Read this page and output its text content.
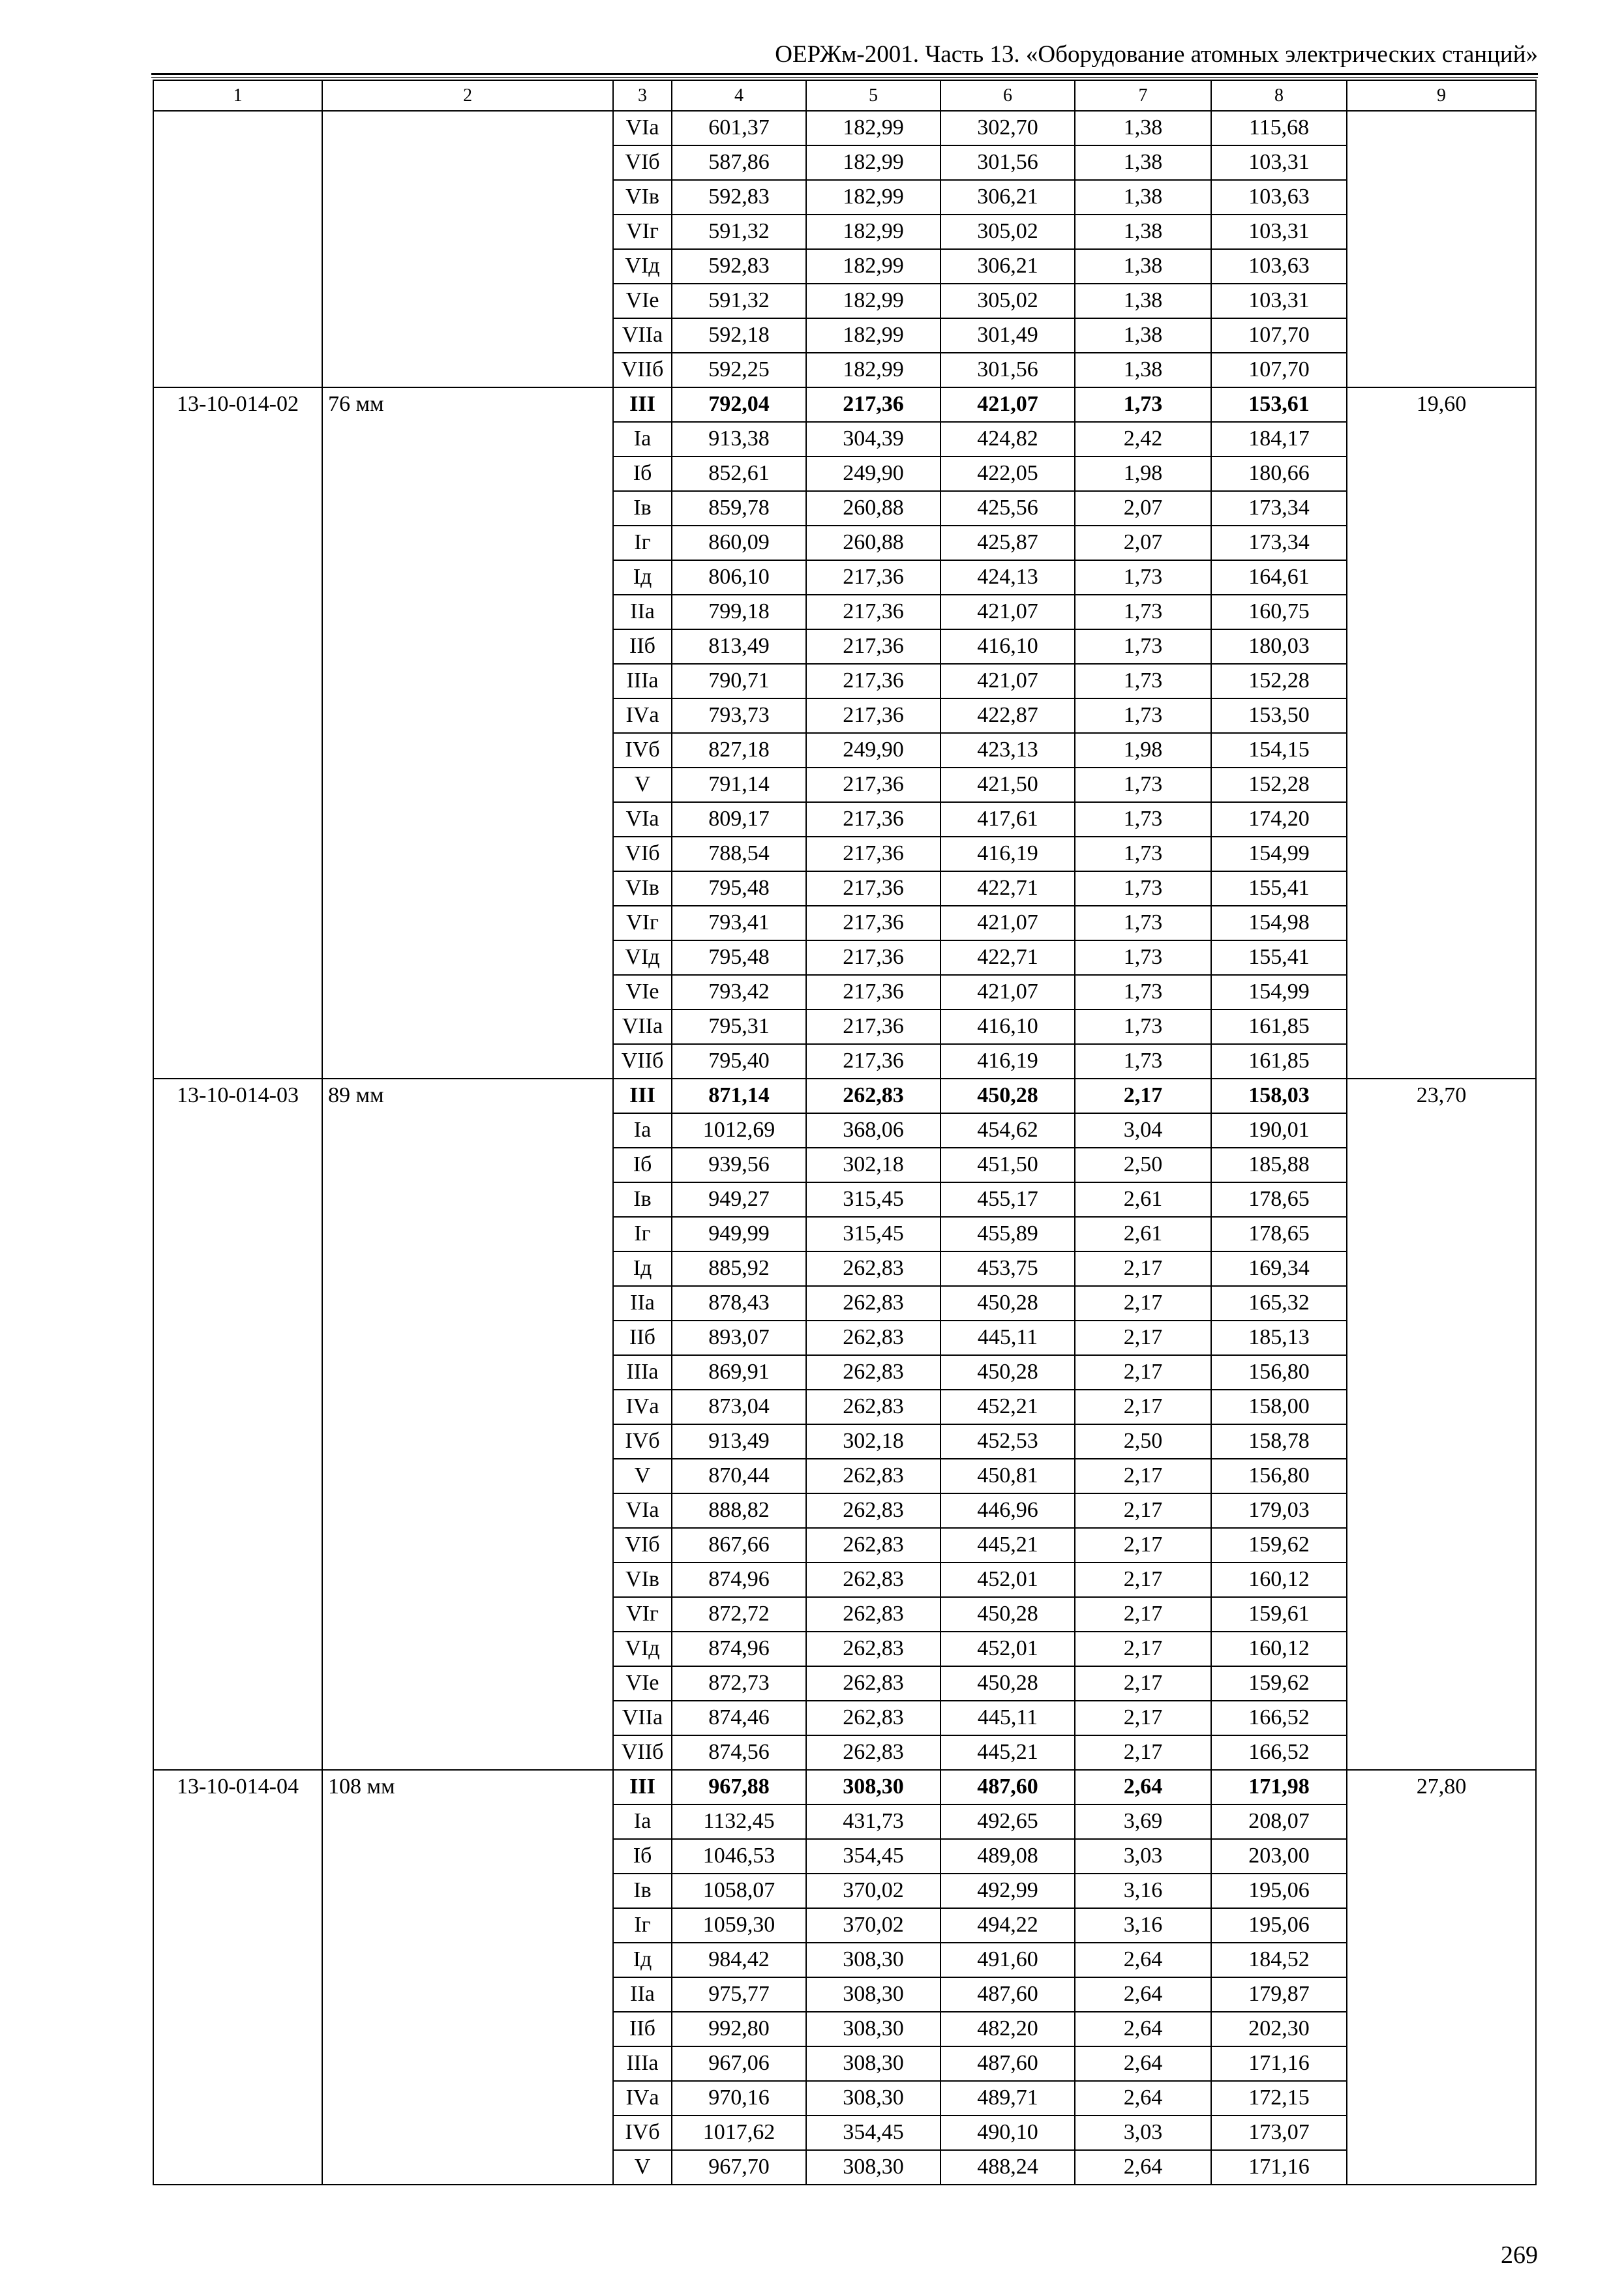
ОЕРЖм-2001. Часть 13. «Оборудование атомных электрических станций»
1	2	3	4	5	6	7	8	9
		VIа	601,37	182,99	302,70	1,38	115,68	
		VIб	587,86	182,99	301,56	1,38	103,31	
		VIв	592,83	182,99	306,21	1,38	103,63	
		VIг	591,32	182,99	305,02	1,38	103,31	
		VIд	592,83	182,99	306,21	1,38	103,63	
		VIе	591,32	182,99	305,02	1,38	103,31	
		VIIа	592,18	182,99	301,49	1,38	107,70	
		VIIб	592,25	182,99	301,56	1,38	107,70	
13-10-014-02	76 мм	III	792,04	217,36	421,07	1,73	153,61	19,60
		Iа	913,38	304,39	424,82	2,42	184,17	
		Iб	852,61	249,90	422,05	1,98	180,66	
		Iв	859,78	260,88	425,56	2,07	173,34	
		Iг	860,09	260,88	425,87	2,07	173,34	
		Iд	806,10	217,36	424,13	1,73	164,61	
		IIа	799,18	217,36	421,07	1,73	160,75	
		IIб	813,49	217,36	416,10	1,73	180,03	
		IIIа	790,71	217,36	421,07	1,73	152,28	
		IVа	793,73	217,36	422,87	1,73	153,50	
		IVб	827,18	249,90	423,13	1,98	154,15	
		V	791,14	217,36	421,50	1,73	152,28	
		VIа	809,17	217,36	417,61	1,73	174,20	
		VIб	788,54	217,36	416,19	1,73	154,99	
		VIв	795,48	217,36	422,71	1,73	155,41	
		VIг	793,41	217,36	421,07	1,73	154,98	
		VIд	795,48	217,36	422,71	1,73	155,41	
		VIе	793,42	217,36	421,07	1,73	154,99	
		VIIа	795,31	217,36	416,10	1,73	161,85	
		VIIб	795,40	217,36	416,19	1,73	161,85	
13-10-014-03	89 мм	III	871,14	262,83	450,28	2,17	158,03	23,70
		Iа	1012,69	368,06	454,62	3,04	190,01	
		Iб	939,56	302,18	451,50	2,50	185,88	
		Iв	949,27	315,45	455,17	2,61	178,65	
		Iг	949,99	315,45	455,89	2,61	178,65	
		Iд	885,92	262,83	453,75	2,17	169,34	
		IIа	878,43	262,83	450,28	2,17	165,32	
		IIб	893,07	262,83	445,11	2,17	185,13	
		IIIа	869,91	262,83	450,28	2,17	156,80	
		IVа	873,04	262,83	452,21	2,17	158,00	
		IVб	913,49	302,18	452,53	2,50	158,78	
		V	870,44	262,83	450,81	2,17	156,80	
		VIа	888,82	262,83	446,96	2,17	179,03	
		VIб	867,66	262,83	445,21	2,17	159,62	
		VIв	874,96	262,83	452,01	2,17	160,12	
		VIг	872,72	262,83	450,28	2,17	159,61	
		VIд	874,96	262,83	452,01	2,17	160,12	
		VIе	872,73	262,83	450,28	2,17	159,62	
		VIIа	874,46	262,83	445,11	2,17	166,52	
		VIIб	874,56	262,83	445,21	2,17	166,52	
13-10-014-04	108 мм	III	967,88	308,30	487,60	2,64	171,98	27,80
		Iа	1132,45	431,73	492,65	3,69	208,07	
		Iб	1046,53	354,45	489,08	3,03	203,00	
		Iв	1058,07	370,02	492,99	3,16	195,06	
		Iг	1059,30	370,02	494,22	3,16	195,06	
		Iд	984,42	308,30	491,60	2,64	184,52	
		IIа	975,77	308,30	487,60	2,64	179,87	
		IIб	992,80	308,30	482,20	2,64	202,30	
		IIIа	967,06	308,30	487,60	2,64	171,16	
		IVа	970,16	308,30	489,71	2,64	172,15	
		IVб	1017,62	354,45	490,10	3,03	173,07	
		V	967,70	308,30	488,24	2,64	171,16	
269
